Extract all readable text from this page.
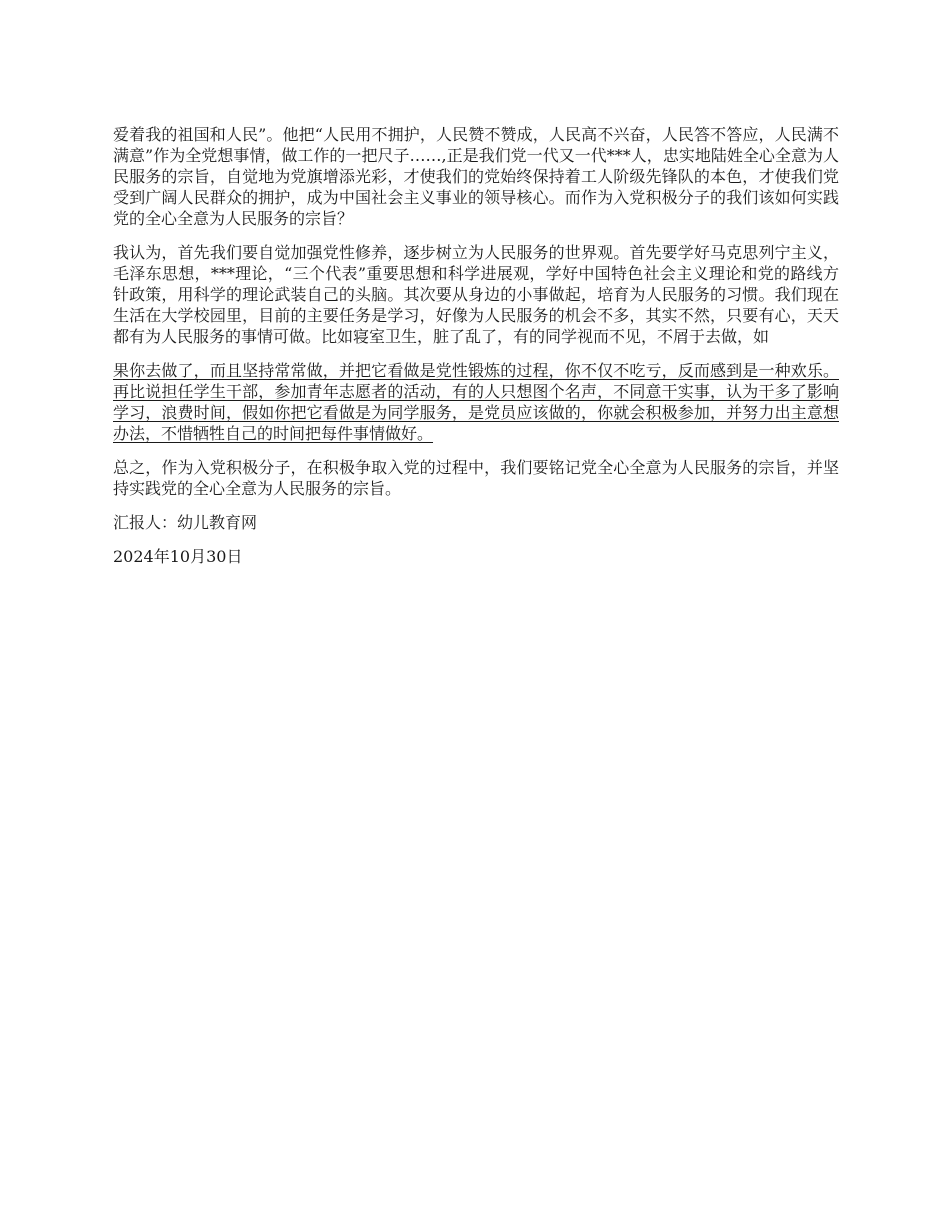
爱着我的祖国和人民”。他把“人民用不拥护，人民赞不赞成，人民高不兴奋，人民答不答应，人民满不满意”作为全党想事情，做工作的一把尺子……,正是我们党一代又一代***人，忠实地陆姓全心全意为人民服务的宗旨，自觉地为党旗增添光彩，才使我们的党始终保持着工人阶级先锋队的本色，才使我们党受到广阔人民群众的拥护，成为中国社会主义事业的领导核心。而作为入党积极分子的我们该如何实践党的全心全意为人民服务的宗旨？

我认为，首先我们要自觉加强党性修养，逐步树立为人民服务的世界观。首先要学好马克思列宁主义，毛泽东思想，***理论，“三个代表”重要思想和科学进展观，学好中国特色社会主义理论和党的路线方针政策，用科学的理论武装自己的头脑。其次要从身边的小事做起，培育为人民服务的习惯。我们现在生活在大学校园里，目前的主要任务是学习，好像为人民服务的机会不多，其实不然，只要有心，天天都有为人民服务的事情可做。比如寝室卫生，脏了乱了，有的同学视而不见，不屑于去做，如

果你去做了，而且坚持常常做，并把它看做是党性锻炼的过程，你不仅不吃亏，反而感到是一种欢乐。再比说担任学生干部，参加青年志愿者的活动，有的人只想图个名声，不同意干实事，认为干多了影响学习，浪费时间，假如你把它看做是为同学服务，是党员应该做的，你就会积极参加，并努力出主意想办法，不惜牺牲自己的时间把每件事情做好。

总之，作为入党积极分子，在积极争取入党的过程中，我们要铭记党全心全意为人民服务的宗旨，并坚持实践党的全心全意为人民服务的宗旨。

汇报人：幼儿教育网

2024年10月30日
